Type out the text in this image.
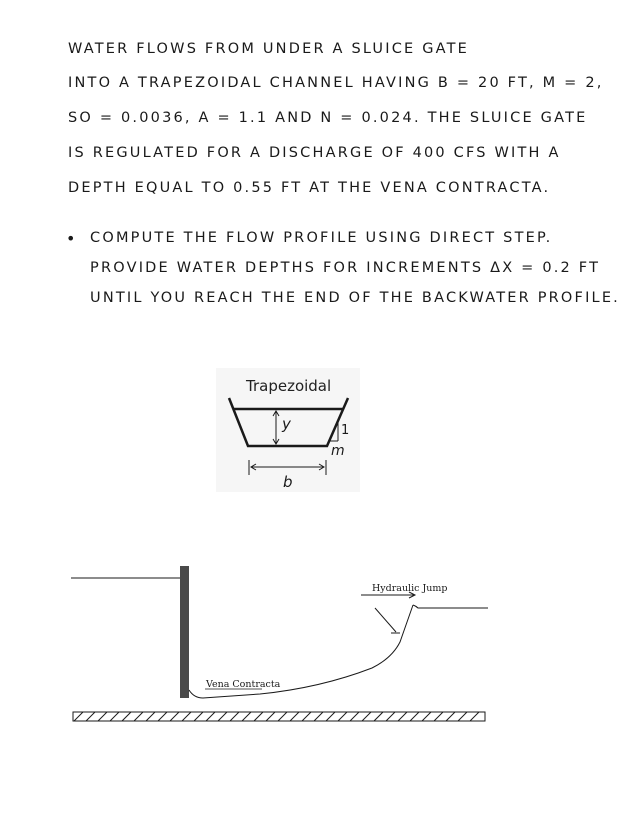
WATER FLOWS FROM UNDER A SLUICE GATE
INTO A TRAPEZOIDAL CHANNEL HAVING B = 20 FT, M = 2,
SO = 0.0036, Α = 1.1 AND N = 0.024. THE SLUICE GATE
IS REGULATED FOR A DISCHARGE OF 400 CFS WITH A
DEPTH EQUAL TO 0.55 FT AT THE VENA CONTRACTA.
• COMPUTE THE FLOW PROFILE USING DIRECT STEP.
PROVIDE WATER DEPTHS FOR INCREMENTS ΔX = 0.2 FT
UNTIL YOU REACH THE END OF THE BACKWATER PROFILE.
Trapezoidal
y	1
m
b
Hydraulic Jump
Vena Contracta
